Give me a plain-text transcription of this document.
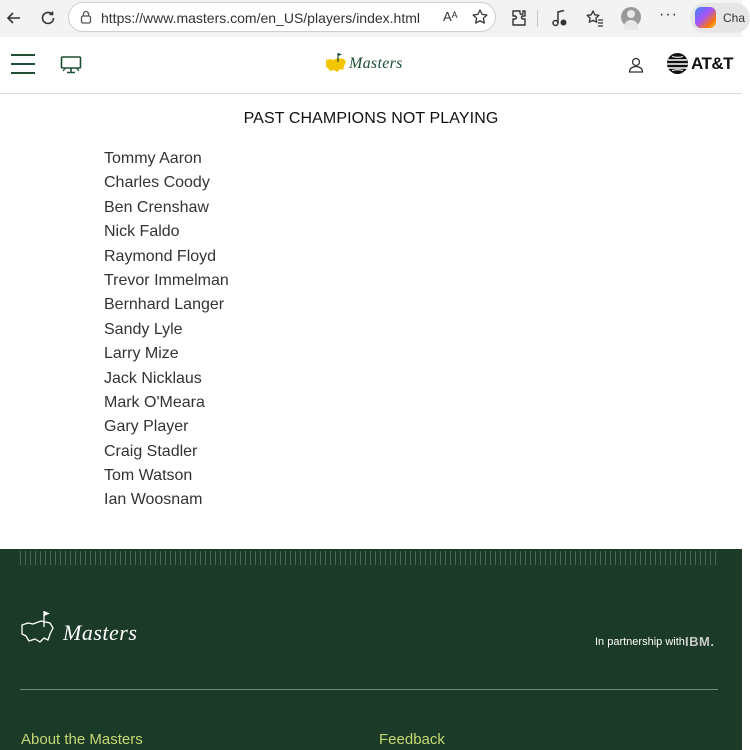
https://www.masters.com/en_US/players/index.html Aᴬ	···	Cha
Masters	AT&T
PAST CHAMPIONS NOT PLAYING
Tommy Aaron
Charles Coody
Ben Crenshaw
Nick Faldo
Raymond Floyd
Trevor Immelman
Bernhard Langer
Sandy Lyle
Larry Mize
Jack Nicklaus
Mark O'Meara
Gary Player
Craig Stadler
Tom Watson
Ian Woosnam
Masters	In partnership with IBM.
About the Masters	Feedback
